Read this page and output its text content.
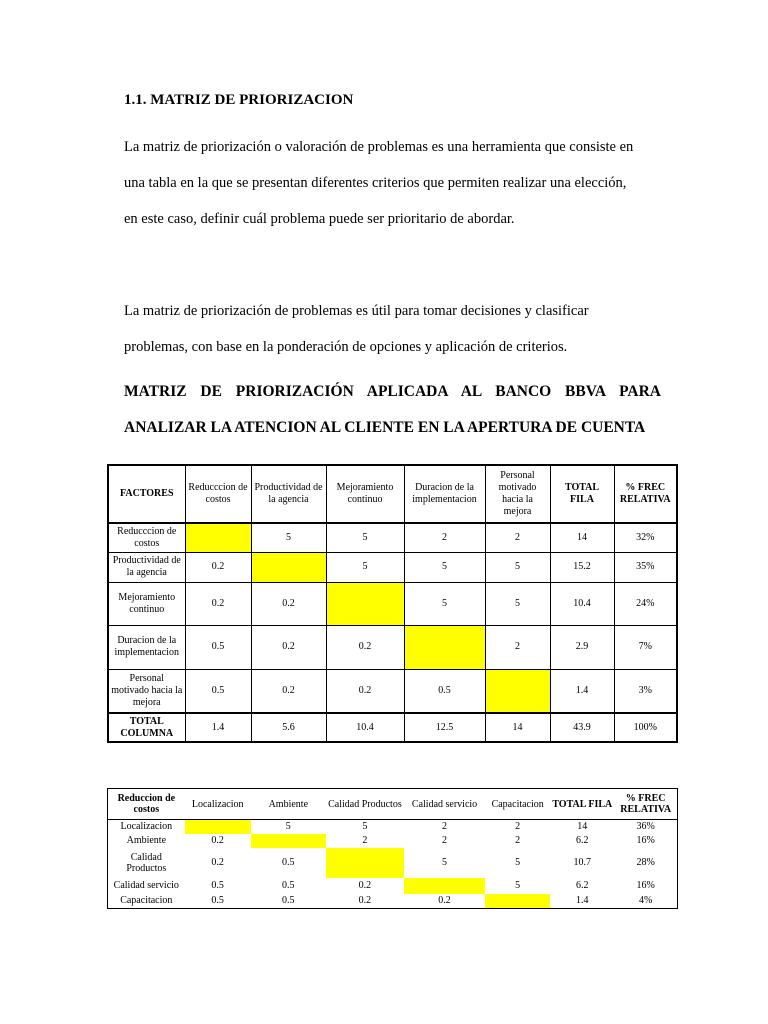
1.1. MATRIZ DE PRIORIZACION
La matriz de priorización o valoración de problemas es una herramienta que consiste en
una tabla en la que se presentan diferentes criterios que permiten realizar una elección,
en este caso, definir cuál problema puede ser prioritario de abordar.
La matriz de priorización de problemas es útil para tomar decisiones y clasificar
problemas, con base en la ponderación de opciones y aplicación de criterios.
MATRIZ DE PRIORIZACIÓN APLICADA AL BANCO BBVA PARA
ANALIZAR LA ATENCION AL CLIENTE EN LA APERTURA DE CUENTA
FACTORES	Reducccion de costos	Productividad de la agencia	Mejoramiento continuo	Duracion de la implementacion	Personal motivado hacia la mejora	TOTAL FILA	% FREC RELATIVA
Reducccion de costos		5	5	2	2	14	32%
Productividad de la agencia	0.2		5	5	5	15.2	35%
Mejoramiento continuo	0.2	0.2		5	5	10.4	24%
Duracion de la implementacion	0.5	0.2	0.2		2	2.9	7%
Personal motivado hacia la mejora	0.5	0.2	0.2	0.5		1.4	3%
TOTAL COLUMNA	1.4	5.6	10.4	12.5	14	43.9	100%
Reduccion de costos	Localizacion	Ambiente	Calidad Productos	Calidad servicio	Capacitacion	TOTAL FILA	% FREC RELATIVA
Localizacion		5	5	2	2	14	36%
Ambiente	0.2		2	2	2	6.2	16%
Calidad Productos	0.2	0.5		5	5	10.7	28%
Calidad servicio	0.5	0.5	0.2		5	6.2	16%
Capacitacion	0.5	0.5	0.2	0.2		1.4	4%
